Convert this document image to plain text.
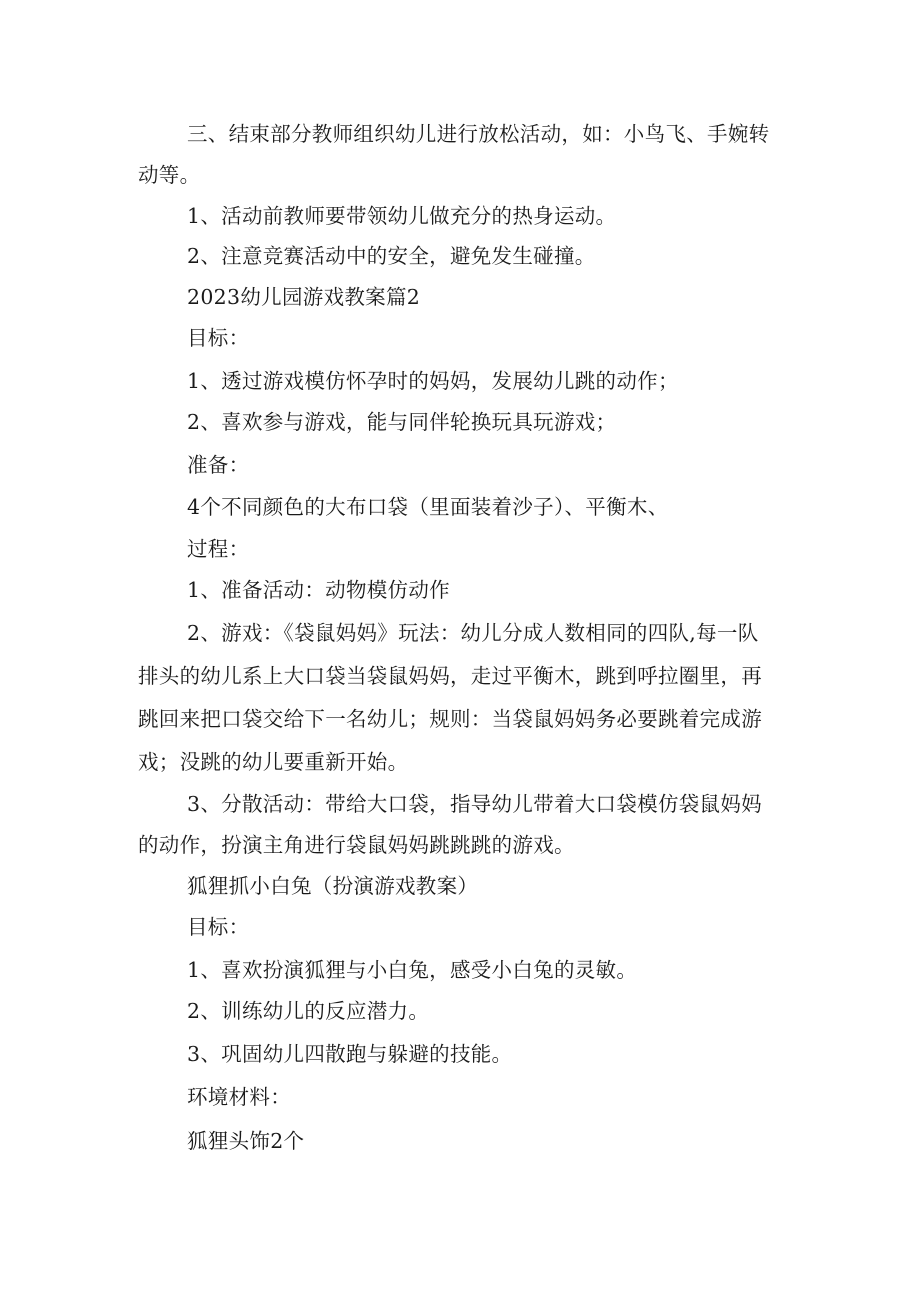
三、结束部分教师组织幼儿进行放松活动，如：小鸟飞、手婉转
动等。
1、活动前教师要带领幼儿做充分的热身运动。
2、注意竞赛活动中的安全，避免发生碰撞。
2023幼儿园游戏教案篇2
目标：
1、透过游戏模仿怀孕时的妈妈，发展幼儿跳的动作；
2、喜欢参与游戏，能与同伴轮换玩具玩游戏；
准备：
4个不同颜色的大布口袋（里面装着沙子）、平衡木、
过程：
1、准备活动：动物模仿动作
2、游戏：《袋鼠妈妈》玩法：幼儿分成人数相同的四队,每一队
排头的幼儿系上大口袋当袋鼠妈妈，走过平衡木，跳到呼拉圈里，再
跳回来把口袋交给下一名幼儿；规则：当袋鼠妈妈务必要跳着完成游
戏；没跳的幼儿要重新开始。
3、分散活动：带给大口袋，指导幼儿带着大口袋模仿袋鼠妈妈
的动作，扮演主角进行袋鼠妈妈跳跳跳的游戏。
狐狸抓小白兔（扮演游戏教案）
目标：
1、喜欢扮演狐狸与小白兔，感受小白兔的灵敏。
2、训练幼儿的反应潜力。
3、巩固幼儿四散跑与躲避的技能。
环境材料：
狐狸头饰2个
